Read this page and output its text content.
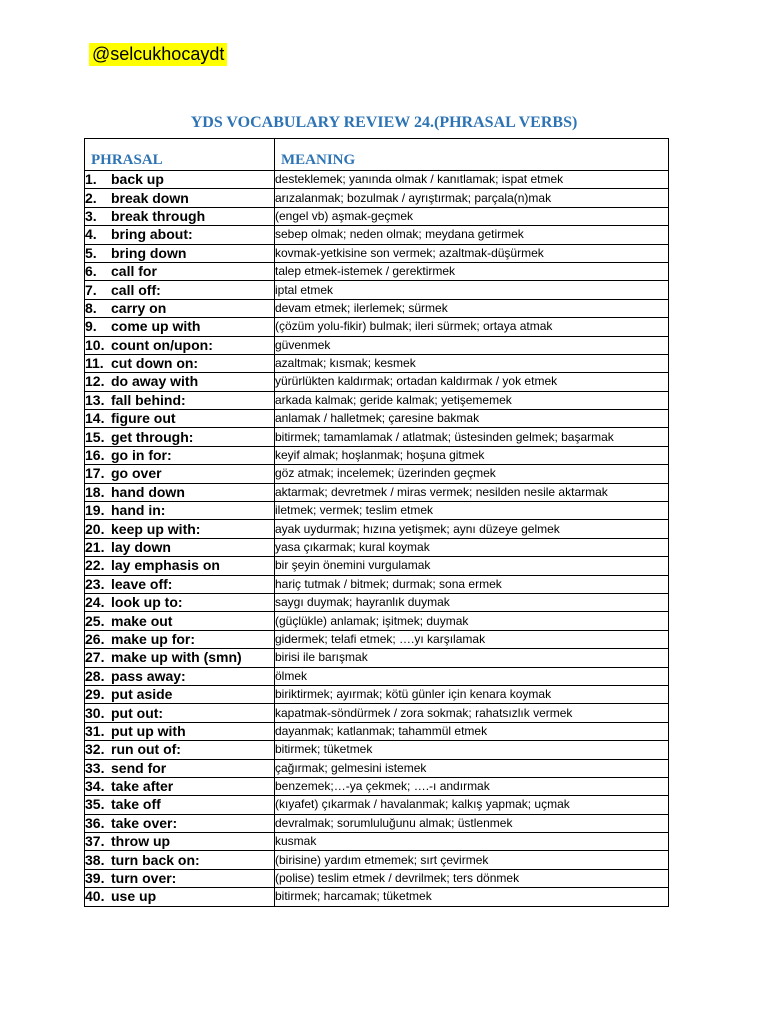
@selcukhocaydt
YDS VOCABULARY REVIEW 24.(PHRASAL VERBS)
PHRASAL	MEANING
1. back up	desteklemek; yanında olmak / kanıtlamak; ispat etmek
2. break down	arızalanmak; bozulmak / ayrıştırmak; parçala(n)mak
3. break through	(engel vb) aşmak-geçmek
4. bring about:	sebep olmak; neden olmak; meydana getirmek
5. bring down	kovmak-yetkisine son vermek; azaltmak-düşürmek
6. call for	talep etmek-istemek / gerektirmek
7. call off:	iptal etmek
8. carry on	devam etmek; ilerlemek; sürmek
9. come up with	(çözüm yolu-fikir) bulmak; ileri sürmek; ortaya atmak
10. count on/upon:	güvenmek
11. cut down on:	azaltmak; kısmak; kesmek
12. do away with	yürürlükten kaldırmak; ortadan kaldırmak / yok etmek
13. fall behind:	arkada kalmak; geride kalmak; yetişememek
14. figure out	anlamak / halletmek; çaresine bakmak
15. get through:	bitirmek; tamamlamak / atlatmak; üstesinden gelmek; başarmak
16. go in for:	keyif almak; hoşlanmak; hoşuna gitmek
17. go over	göz atmak; incelemek; üzerinden geçmek
18. hand down	aktarmak; devretmek / miras vermek; nesilden nesile aktarmak
19. hand in:	iletmek; vermek; teslim etmek
20. keep up with:	ayak uydurmak; hızına yetişmek; aynı düzeye gelmek
21. lay down	yasa çıkarmak; kural koymak
22. lay emphasis on	bir şeyin önemini vurgulamak
23. leave off:	hariç tutmak / bitmek; durmak; sona ermek
24. look up to:	saygı duymak; hayranlık duymak
25. make out	(güçlükle) anlamak; işitmek; duymak
26. make up for:	gidermek; telafi etmek; ….yı karşılamak
27. make up with (smn)	birisi ile barışmak
28. pass away:	ölmek
29. put aside	biriktirmek; ayırmak; kötü günler için kenara koymak
30. put out:	kapatmak-söndürmek / zora sokmak; rahatsızlık vermek
31. put up with	dayanmak; katlanmak; tahammül etmek
32. run out of:	bitirmek; tüketmek
33. send for	çağırmak; gelmesini istemek
34. take after	benzemek;…-ya çekmek; ….-ı andırmak
35. take off	(kıyafet) çıkarmak / havalanmak; kalkış yapmak; uçmak
36. take over:	devralmak; sorumluluğunu almak; üstlenmek
37. throw up	kusmak
38. turn back on:	(birisine) yardım etmemek; sırt çevirmek
39. turn over:	(polise) teslim etmek / devrilmek; ters dönmek
40. use up	bitirmek; harcamak; tüketmek
